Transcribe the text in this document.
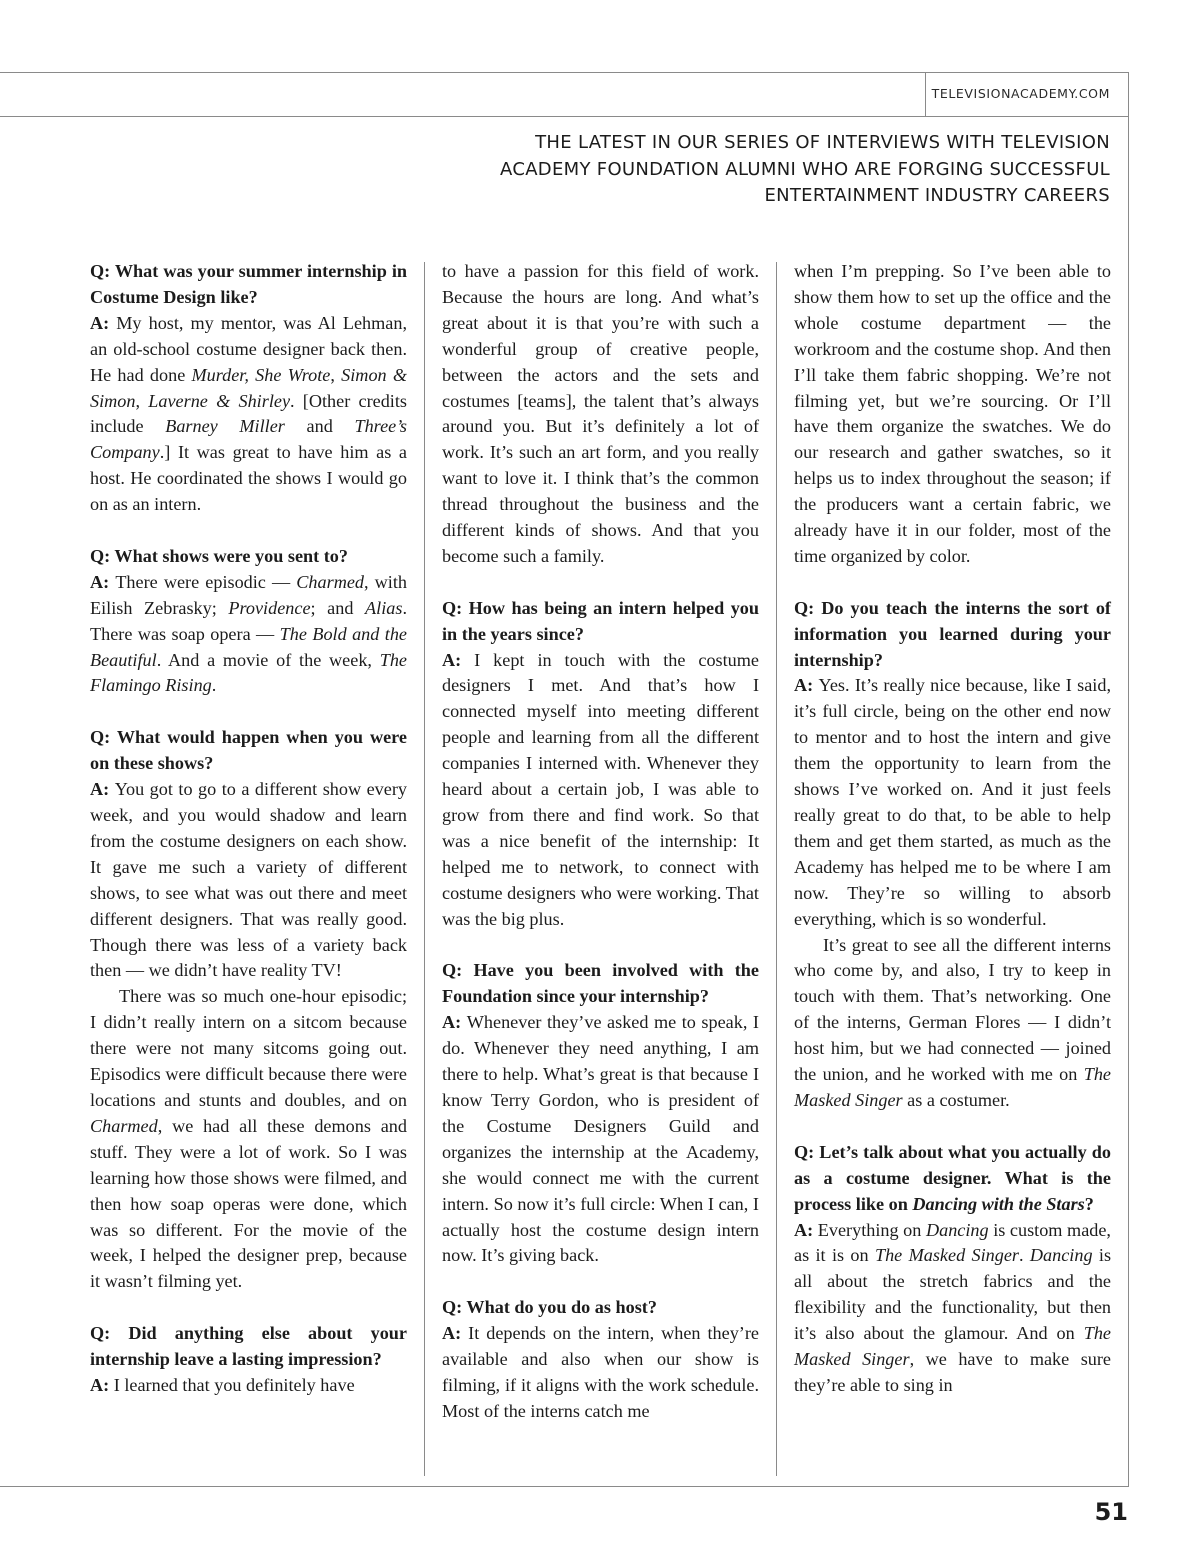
TELEVISIONACADEMY.COM

THE LATEST IN OUR SERIES OF INTERVIEWS WITH TELEVISION ACADEMY FOUNDATION ALUMNI WHO ARE FORGING SUCCESSFUL ENTERTAINMENT INDUSTRY CAREERS

Q: What was your summer internship in Costume Design like?

A: My host, my mentor, was Al Lehman, an old-school costume designer back then. He had done Murder, She Wrote, Simon & Simon, Laverne & Shirley. [Other credits include Barney Miller and Three’s Company.] It was great to have him as a host. He coordinated the shows I would go on as an intern.

Q: What shows were you sent to?

A: There were episodic — Charmed, with Eilish Zebrasky; Providence; and Alias. There was soap opera — The Bold and the Beautiful. And a movie of the week, The Flamingo Rising.

Q: What would happen when you were on these shows?

A: You got to go to a different show every week, and you would shadow and learn from the costume designers on each show. It gave me such a variety of different shows, to see what was out there and meet different designers. That was really good. Though there was less of a variety back then — we didn’t have reality TV!

There was so much one-hour episodic; I didn’t really intern on a sitcom because there were not many sitcoms going out. Episodics were difficult because there were locations and stunts and doubles, and on Charmed, we had all these demons and stuff. They were a lot of work. So I was learning how those shows were filmed, and then how soap operas were done, which was so different. For the movie of the week, I helped the designer prep, because it wasn’t filming yet.

Q: Did anything else about your internship leave a lasting impression?

A: I learned that you definitely have

to have a passion for this field of work. Because the hours are long. And what’s great about it is that you’re with such a wonderful group of creative people, between the actors and the sets and costumes [teams], the talent that’s always around you. But it’s definitely a lot of work. It’s such an art form, and you really want to love it. I think that’s the common thread throughout the business and the different kinds of shows. And that you become such a family.

Q: How has being an intern helped you in the years since?

A: I kept in touch with the costume designers I met. And that’s how I connected myself into meeting different people and learning from all the different companies I interned with. Whenever they heard about a certain job, I was able to grow from there and find work. So that was a nice benefit of the internship: It helped me to network, to connect with costume designers who were working. That was the big plus.

Q: Have you been involved with the Foundation since your internship?

A: Whenever they’ve asked me to speak, I do. Whenever they need anything, I am there to help. What’s great is that because I know Terry Gordon, who is president of the Costume Designers Guild and organizes the internship at the Academy, she would connect me with the current intern. So now it’s full circle: When I can, I actually host the costume design intern now. It’s giving back.

Q: What do you do as host?

A: It depends on the intern, when they’re available and also when our show is filming, if it aligns with the work schedule. Most of the interns catch me

when I’m prepping. So I’ve been able to show them how to set up the office and the whole costume department — the workroom and the costume shop. And then I’ll take them fabric shopping. We’re not filming yet, but we’re sourcing. Or I’ll have them organize the swatches. We do our research and gather swatches, so it helps us to index throughout the season; if the producers want a certain fabric, we already have it in our folder, most of the time organized by color.

Q: Do you teach the interns the sort of information you learned during your internship?

A: Yes. It’s really nice because, like I said, it’s full circle, being on the other end now to mentor and to host the intern and give them the opportunity to learn from the shows I’ve worked on. And it just feels really great to do that, to be able to help them and get them started, as much as the Academy has helped me to be where I am now. They’re so willing to absorb everything, which is so wonderful.

It’s great to see all the different interns who come by, and also, I try to keep in touch with them. That’s networking. One of the interns, German Flores — I didn’t host him, but we had connected — joined the union, and he worked with me on The Masked Singer as a costumer.

Q: Let’s talk about what you actually do as a costume designer. What is the process like on Dancing with the Stars?

A: Everything on Dancing is custom made, as it is on The Masked Singer. Dancing is all about the stretch fabrics and the flexibility and the functionality, but then it’s also about the glamour. And on The Masked Singer, we have to make sure they’re able to sing in

51
